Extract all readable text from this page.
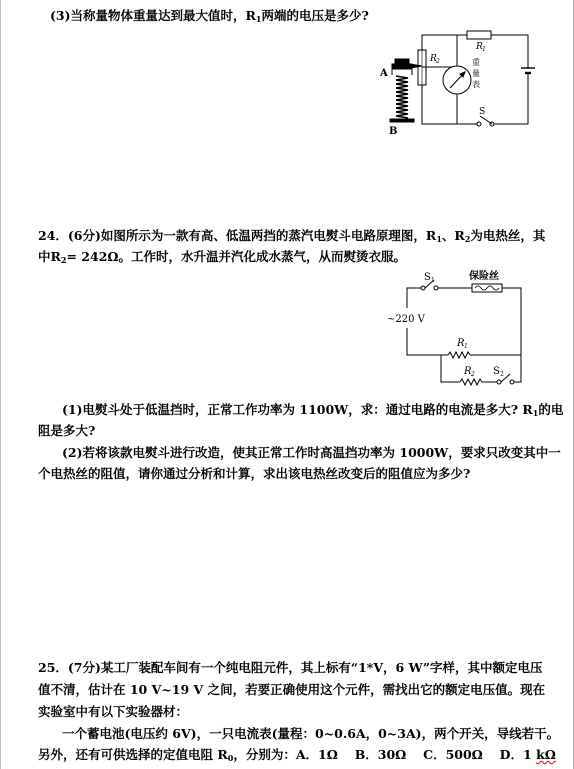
(3)当称量物体重量达到最大值时，$R_1$两端的电压是多少?
R 1
R 2	重
量
表
A
B
S
24．(6分)如图所示为一款有高、低温两挡的蒸汽电熨斗电路原理图，$R_1$、$R_2$为电热丝，其
中$R_2= 242\Omega$。工作时，水升温并汽化成水蒸气，从而熨烫衣服。
S 1	保险丝
~220 V
R 1
R 2 S 2
(1)电熨斗处于低温挡时，正常工作功率为 1100W，求：通过电路的电流是多大? $R_1$的电
阻是多大?
(2)若将该款电熨斗进行改造，使其正常工作时高温挡功率为 1000W，要求只改变其中一
个电热丝的阻值，请你通过分析和计算，求出该电热丝改变后的阻值应为多少?
25．(7分)某工厂装配车间有一个纯电阻元件，其上标有“1*V，6 W”字样，其中额定电压
值不清，估计在 10 V~19 V 之间，若要正确使用这个元件，需找出它的额定电压值。现在
实验室中有以下实验器材：
一个蓄电池(电压约 6V)，一只电流表(量程：0~0.6A，0~3A)，两个开关，导线若干。
另外，还有可供选择的定值电阻 $R_0$，分别为：A．1Ω　 B．30Ω　 C．500Ω　 D．1 kΩ
